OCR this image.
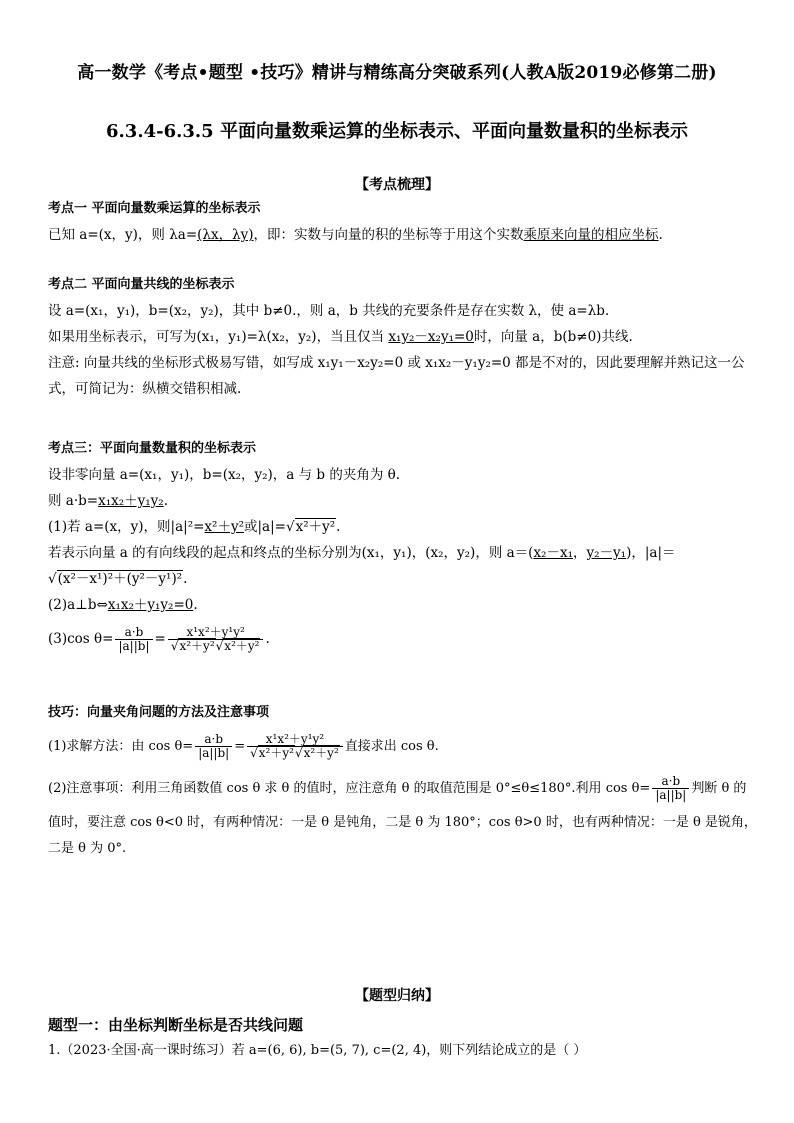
高一数学《考点•题型 •技巧》精讲与精练高分突破系列(人教A版2019必修第二册)
6.3.4-6.3.5 平面向量数乘运算的坐标表示、平面向量数量积的坐标表示
【考点梳理】
考点一 平面向量数乘运算的坐标表示
已知 a=(x，y)，则 λa=(λx，λy)，即：实数与向量的积的坐标等于用这个实数乘原来向量的相应坐标.
考点二 平面向量共线的坐标表示
设 a=(x₁，y₁)，b=(x₂，y₂)，其中 b≠0.，则 a，b 共线的充要条件是存在实数 λ，使 a=λb.
如果用坐标表示，可写为(x₁，y₁)=λ(x₂，y₂)，当且仅当 x₁y₂－x₂y₁=0时，向量 a，b(b≠0)共线.
注意: 向量共线的坐标形式极易写错，如写成 x₁y₁－x₂y₂=0 或 x₁x₂－y₁y₂=0 都是不对的，因此要理解并熟记这一公
式，可简记为：纵横交错积相减.
考点三：平面向量数量积的坐标表示
设非零向量 a=(x₁，y₁)，b=(x₂，y₂)，a 与 b 的夹角为 θ.
则 a·b=x₁x₂＋y₁y₂.
(1)若 a=(x，y)，则|a|²=x²＋y²或|a|=√x²＋y².
若表示向量 a 的有向线段的起点和终点的坐标分别为(x₁，y₁)，(x₂，y₂)，则 a＝(x₂－x₁，y₂－y₁)，|a|＝
√(x²－x¹)²＋(y²－y¹)².
(2)a⊥b⇔x₁x₂＋y₁y₂=0.
(3)cos $\theta= \frac{a\cdot b}{|a||b|} = \frac{\text{x¹x²＋y¹y²}}{\text{√x²＋y²√x²＋y²}}$ .
技巧：向量夹角问题的方法及注意事项
(1)求解方法：由 $\cos \theta= \frac{a\cdot b}{|a||b|} = \frac{\text{x¹x²＋y¹y²}}{\text{√x²＋y²√x²＋y²}}$ 直接求出 cos θ.
(2)注意事项：利用三角函数值 cos θ 求 θ 的值时，应注意角 θ 的取值范围是 0°≤θ≤180°.利用 $\cos \theta= \frac{a\cdot b}{|a||b|}$ 判断 θ 的
值时，要注意 cos θ<0 时，有两种情况：一是 θ 是钝角，二是 θ 为 180°；cos θ>0 时，也有两种情况：一是 θ 是锐角，
二是 θ 为 0°.
【题型归纳】
题型一：由坐标判断坐标是否共线问题
1.（2023·全国·高一课时练习）若 a=(6, 6), b=(5, 7), c=(2, 4)，则下列结论成立的是（ ）
